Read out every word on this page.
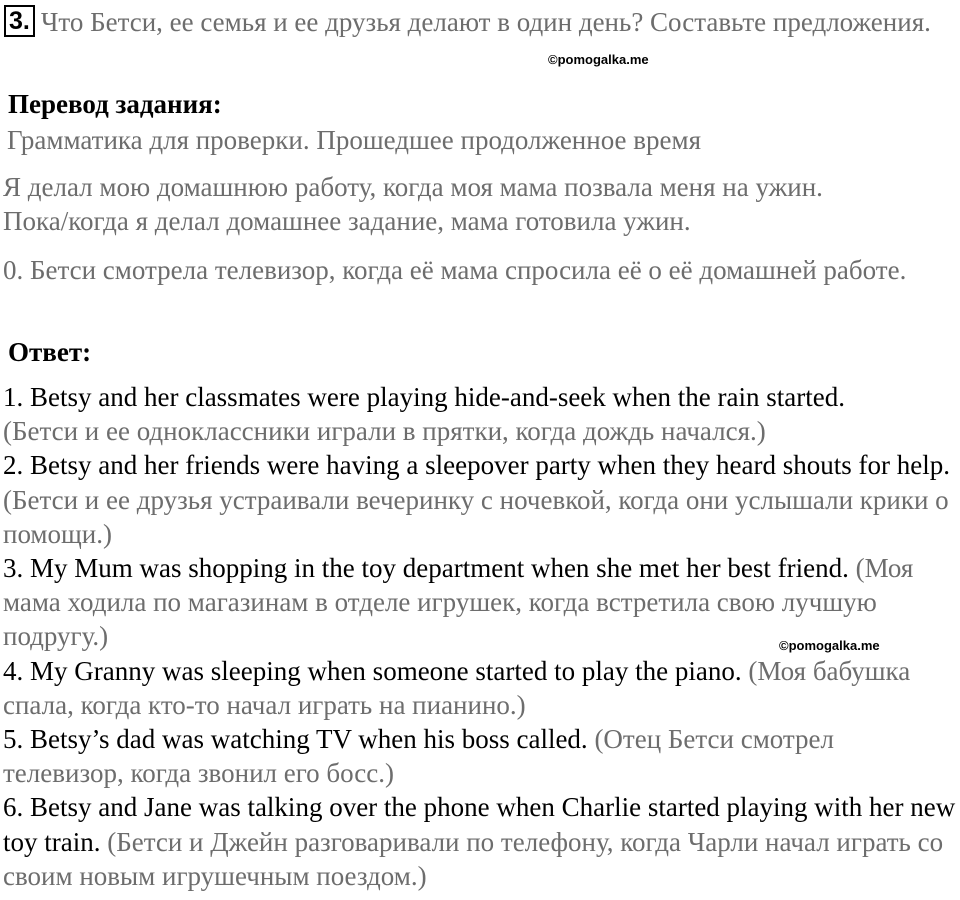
3. Что Бетси, ее семья и ее друзья делают в один день? Составьте предложения.
©pomogalka.me
Перевод задания:
Грамматика для проверки. Прошедшее продолженное время

Я делал мою домашнюю работу, когда моя мама позвала меня на ужин.

Пока/когда я делал домашнее задание, мама готовила ужин.

0. Бетси смотрела телевизор, когда её мама спросила её о её домашней работе.
Ответ:

1. Betsy and her classmates were playing hide-and-seek when the rain started.
(Бетси и ее одноклассники играли в прятки, когда дождь начался.)

2. Betsy and her friends were having a sleepover party when they heard shouts for help. (Бетси и ее друзья устраивали вечеринку с ночевкой, когда они услышали крики о помощи.)

3. My Mum was shopping in the toy department when she met her best friend. (Моя мама ходила по магазинам в отделе игрушек, когда встретила свою лучшую подругу.)

4. My Granny was sleeping when someone started to play the piano. (Моя бабушка спала, когда кто-то начал играть на пианино.)

5. Betsy’s dad was watching TV when his boss called. (Отец Бетси смотрел телевизор, когда звонил его босс.)

6. Betsy and Jane was talking over the phone when Charlie started playing with her new toy train. (Бетси и Джейн разговаривали по телефону, когда Чарли начал играть со своим новым игрушечным поездом.)

©pomogalka.me
